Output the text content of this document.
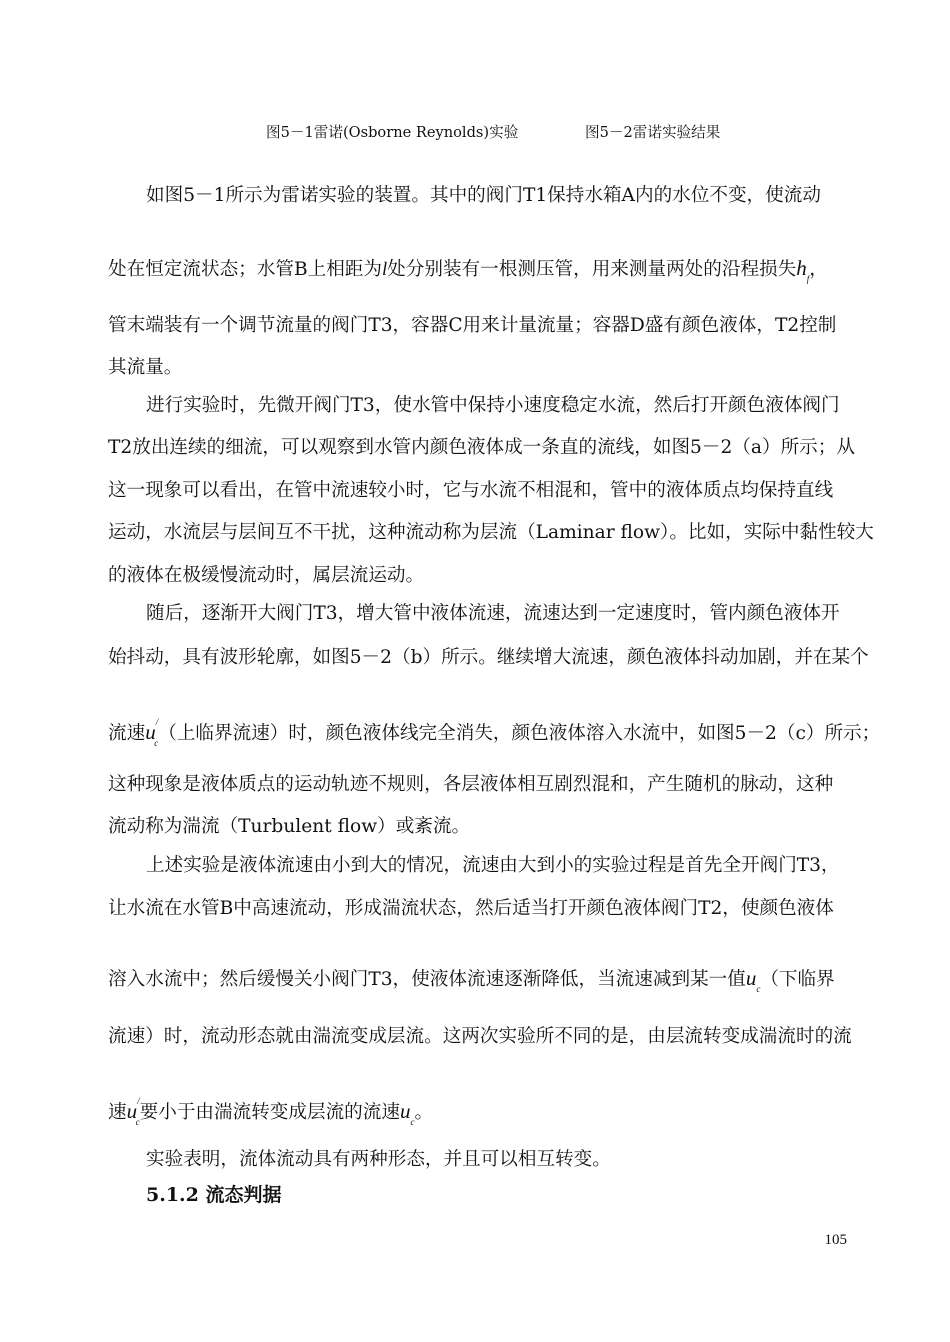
图5－1雷诺(Osborne Reynolds)实验	图5－2雷诺实验结果
如图5－1所示为雷诺实验的装置。其中的阀门T1保持水箱A内的水位不变，使流动
处在恒定流状态；水管B上相距为l处分别装有一根测压管，用来测量两处的沿程损失$h_f$，
管末端装有一个调节流量的阀门T3，容器C用来计量流量；容器D盛有颜色液体，T2控制
其流量。
进行实验时，先微开阀门T3，使水管中保持小速度稳定水流，然后打开颜色液体阀门
T2放出连续的细流，可以观察到水管内颜色液体成一条直的流线，如图5－2（a）所示；从
这一现象可以看出，在管中流速较小时，它与水流不相混和，管中的液体质点均保持直线
运动，水流层与层间互不干扰，这种流动称为层流（Laminar flow）。比如，实际中黏性较大
的液体在极缓慢流动时，属层流运动。
随后，逐渐开大阀门T3，增大管中液体流速，流速达到一定速度时，管内颜色液体开
始抖动，具有波形轮廓，如图5－2（b）所示。继续增大流速，颜色液体抖动加剧，并在某个
流速$u^/_c$（上临界流速）时，颜色液体线完全消失，颜色液体溶入水流中，如图5－2（c）所示；
这种现象是液体质点的运动轨迹不规则，各层液体相互剧烈混和，产生随机的脉动，这种
流动称为湍流（Turbulent flow）或紊流。
上述实验是液体流速由小到大的情况，流速由大到小的实验过程是首先全开阀门T3，
让水流在水管B中高速流动，形成湍流状态，然后适当打开颜色液体阀门T2，使颜色液体
溶入水流中；然后缓慢关小阀门T3，使液体流速逐渐降低，当流速减到某一值$u_c$（下临界
流速）时，流动形态就由湍流变成层流。这两次实验所不同的是，由层流转变成湍流时的流
速$u^/_c$要小于由湍流转变成层流的流速$u_c$。
实验表明，流体流动具有两种形态，并且可以相互转变。
5.1.2 流态判据
105
